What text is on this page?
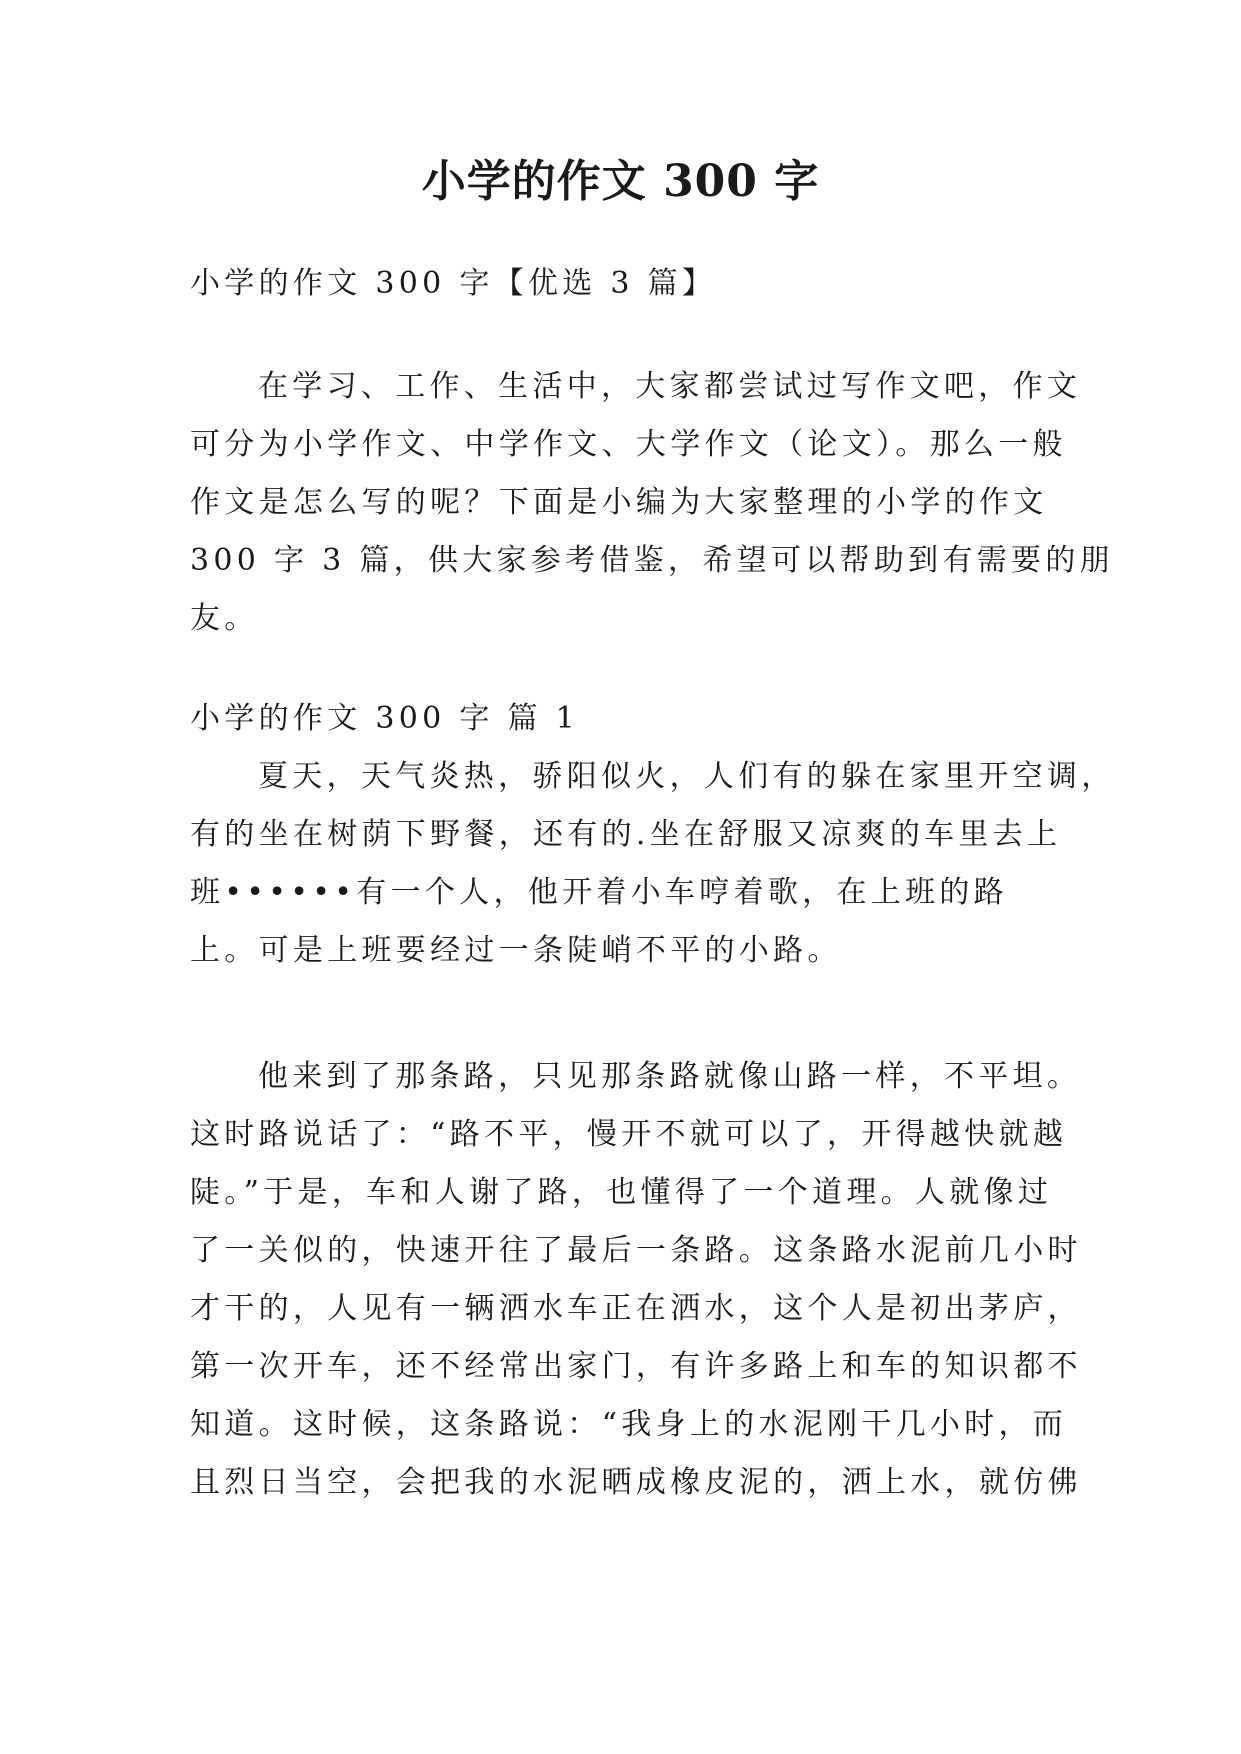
小学的作文 300 字

小学的作文 300 字【优选 3 篇】

在学习、工作、生活中，大家都尝试过写作文吧，作文
可分为小学作文、中学作文、大学作文（论文）。那么一般
作文是怎么写的呢？下面是小编为大家整理的小学的作文
300 字 3 篇，供大家参考借鉴，希望可以帮助到有需要的朋
友。

小学的作文 300 字 篇 1

夏天，天气炎热，骄阳似火，人们有的躲在家里开空调，
有的坐在树荫下野餐，还有的.坐在舒服又凉爽的车里去上
班••••••有一个人，他开着小车哼着歌，在上班的路
上。可是上班要经过一条陡峭不平的小路。

他来到了那条路，只见那条路就像山路一样，不平坦。
这时路说话了：“路不平，慢开不就可以了，开得越快就越
陡。”于是，车和人谢了路，也懂得了一个道理。人就像过
了一关似的，快速开往了最后一条路。这条路水泥前几小时
才干的，人见有一辆洒水车正在洒水，这个人是初出茅庐，
第一次开车，还不经常出家门，有许多路上和车的知识都不
知道。这时候，这条路说：“我身上的水泥刚干几小时，而
且烈日当空，会把我的水泥晒成橡皮泥的，洒上水，就仿佛
